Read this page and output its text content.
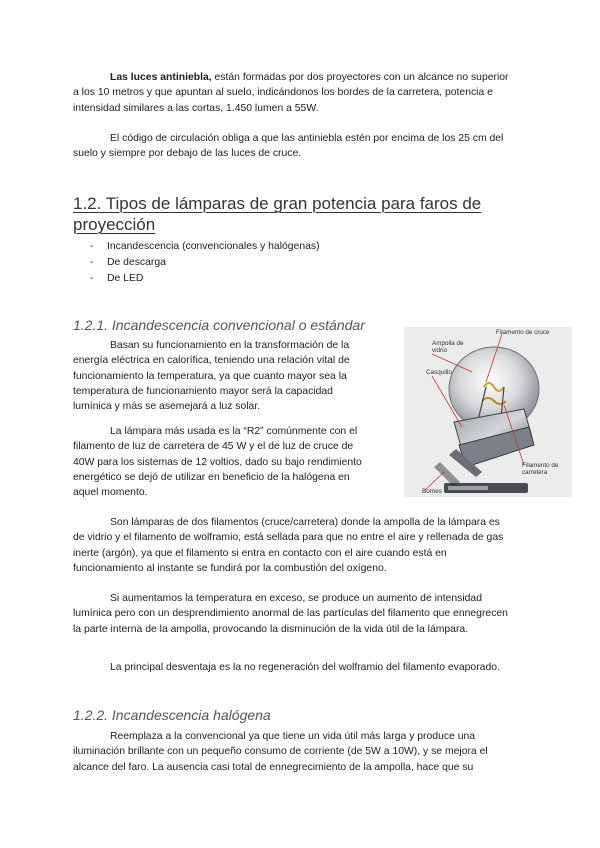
Las luces antiniebla, están formadas por dos proyectores con un alcance no superior a los 10 metros y que apuntan al suelo, indicándonos los bordes de la carretera, potencia e intensidad similares a las cortas, 1.450 lumen a 55W.

El código de circulación obliga a que las antiniebla estén por encima de los 25 cm del suelo y siempre por debajo de las luces de cruce.

1.2. Tipos de lámparas de gran potencia para faros de proyección
- Incandescencia (convencionales y halógenas)
- De descarga
- De LED
1.2.1. Incandescencia convencional o estándar

Basan su funcionamiento en la transformación de la energía eléctrica en calorífica, teniendo una relación vital de funcionamiento la temperatura, ya que cuanto mayor sea la temperatura de funcionamiento mayor será la capacidad lumínica y más se asemejará a luz solar.

La lámpara más usada es la “R2” comúnmente con el filamento de luz de carretera de 45 W y el de luz de cruce de 40W para los sistemas de 12 voltios, dado su bajo rendimiento energético se dejó de utilizar en beneficio de la halógena en aquel momento.

Filamento de cruce
Ampolla de vidrio
Casquillo
Filamento de carretera
Bornes

Son lámparas de dos filamentos (cruce/carretera) donde la ampolla de la lámpara es de vidrio y el filamento de wolframio, está sellada para que no entre el aire y rellenada de gas inerte (argón), ya que el filamento si entra en contacto con el aire cuando está en funcionamiento al instante se fundirá por la combustión del oxígeno.

Si aumentamos la temperatura en exceso, se produce un aumento de intensidad lumínica pero con un desprendimiento anormal de las partículas del filamento que ennegrecen la parte interna de la ampolla, provocando la disminución de la vida útil de la lámpara.

La principal desventaja es la no regeneración del wolframio del filamento evaporado.

1.2.2. Incandescencia halógena

Reemplaza a la convencional ya que tiene un vida útil más larga y produce una iluminación brillante con un pequeño consumo de corriente (de 5W a 10W), y se mejora el alcance del faro. La ausencia casi total de ennegrecimiento de la ampolla, hace que su
